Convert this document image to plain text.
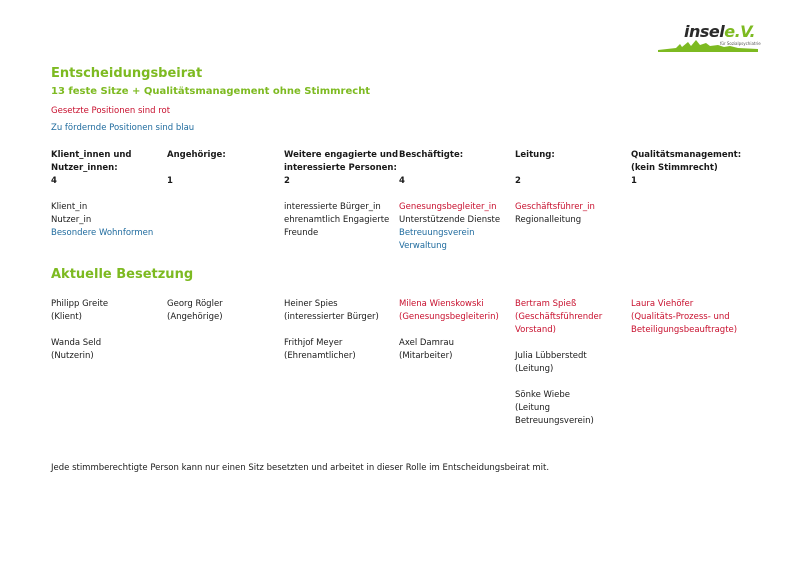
insele.V.
für Sozialpsychiatrie
Entscheidungsbeirat
13 feste Sitze + Qualitätsmanagement ohne Stimmrecht
Gesetzte Positionen sind rot
Zu fördernde Positionen sind blau
Klient_innen und
Nutzer_innen:
4
Klient_in
Nutzer_in
Besondere Wohnformen
Angehörige:
1
Weitere engagierte und
interessierte Personen:
2
interessierte Bürger_in
ehrenamtlich Engagierte
Freunde
Beschäftigte:
4
Genesungsbegleiter_in
Unterstützende Dienste
Betreuungsverein
Verwaltung
Leitung:
2
Geschäftsführer_in
Regionalleitung
Qualitätsmanagement:
(kein Stimmrecht)
1
Aktuelle Besetzung
Philipp Greite
(Klient)
Wanda Seld
(Nutzerin)
Georg Rögler
(Angehörige)
Heiner Spies
(interessierter Bürger)
Frithjof Meyer
(Ehrenamtlicher)
Milena Wienskowski
(Genesungsbegleiterin)
Axel Damrau
(Mitarbeiter)
Bertram Spieß
(Geschäftsführender
Vorstand)
Julia Lübberstedt
(Leitung)
Sönke Wiebe
(Leitung
Betreuungsverein)
Laura Viehöfer
(Qualitäts-Prozess- und
Beteiligungsbeauftragte)
Jede stimmberechtigte Person kann nur einen Sitz besetzten und arbeitet in dieser Rolle im Entscheidungsbeirat mit.
